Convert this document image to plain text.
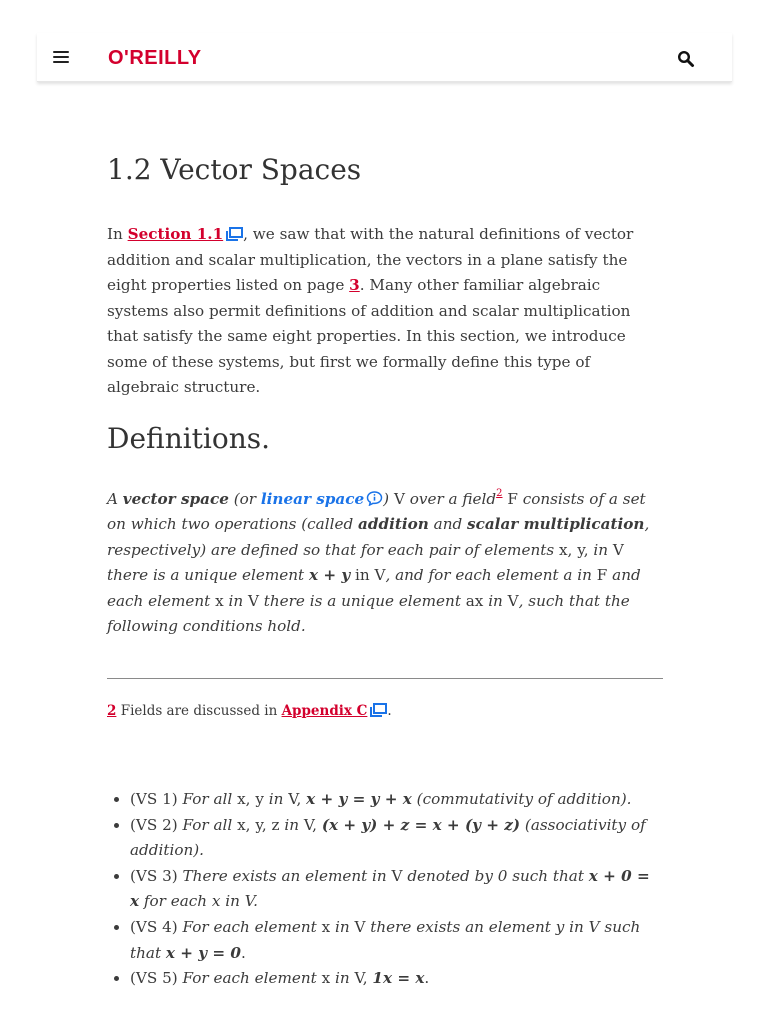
O'REILLY
1.2 Vector Spaces

In Section 1.1 , we saw that with the natural definitions of vector addition and scalar multiplication, the vectors in a plane satisfy the eight properties listed on page 3. Many other familiar algebraic systems also permit definitions of addition and scalar multiplication that satisfy the same eight properties. In this section, we introduce some of these systems, but first we formally define this type of algebraic structure.

Definitions.

A vector space (or linear space ) V over a field$^2$ F consists of a set on which two operations (called addition and scalar multiplication, respectively) are defined so that for each pair of elements x, y, in V there is a unique element x + y in V, and for each element a in F and each element x in V there is a unique element ax in V, such that the following conditions hold.

2 Fields are discussed in Appendix C .

• (VS 1) For all x, y in V, x + y = y + x (commutativity of addition).
• (VS 2) For all x, y, z in V, (x + y) + z = x + (y + z) (associativity of addition).
• (VS 3) There exists an element in V denoted by 0 such that x + 0 = x for each x in V.
• (VS 4) For each element x in V there exists an element y in V such that x + y = 0.
• (VS 5) For each element x in V, 1x = x.
